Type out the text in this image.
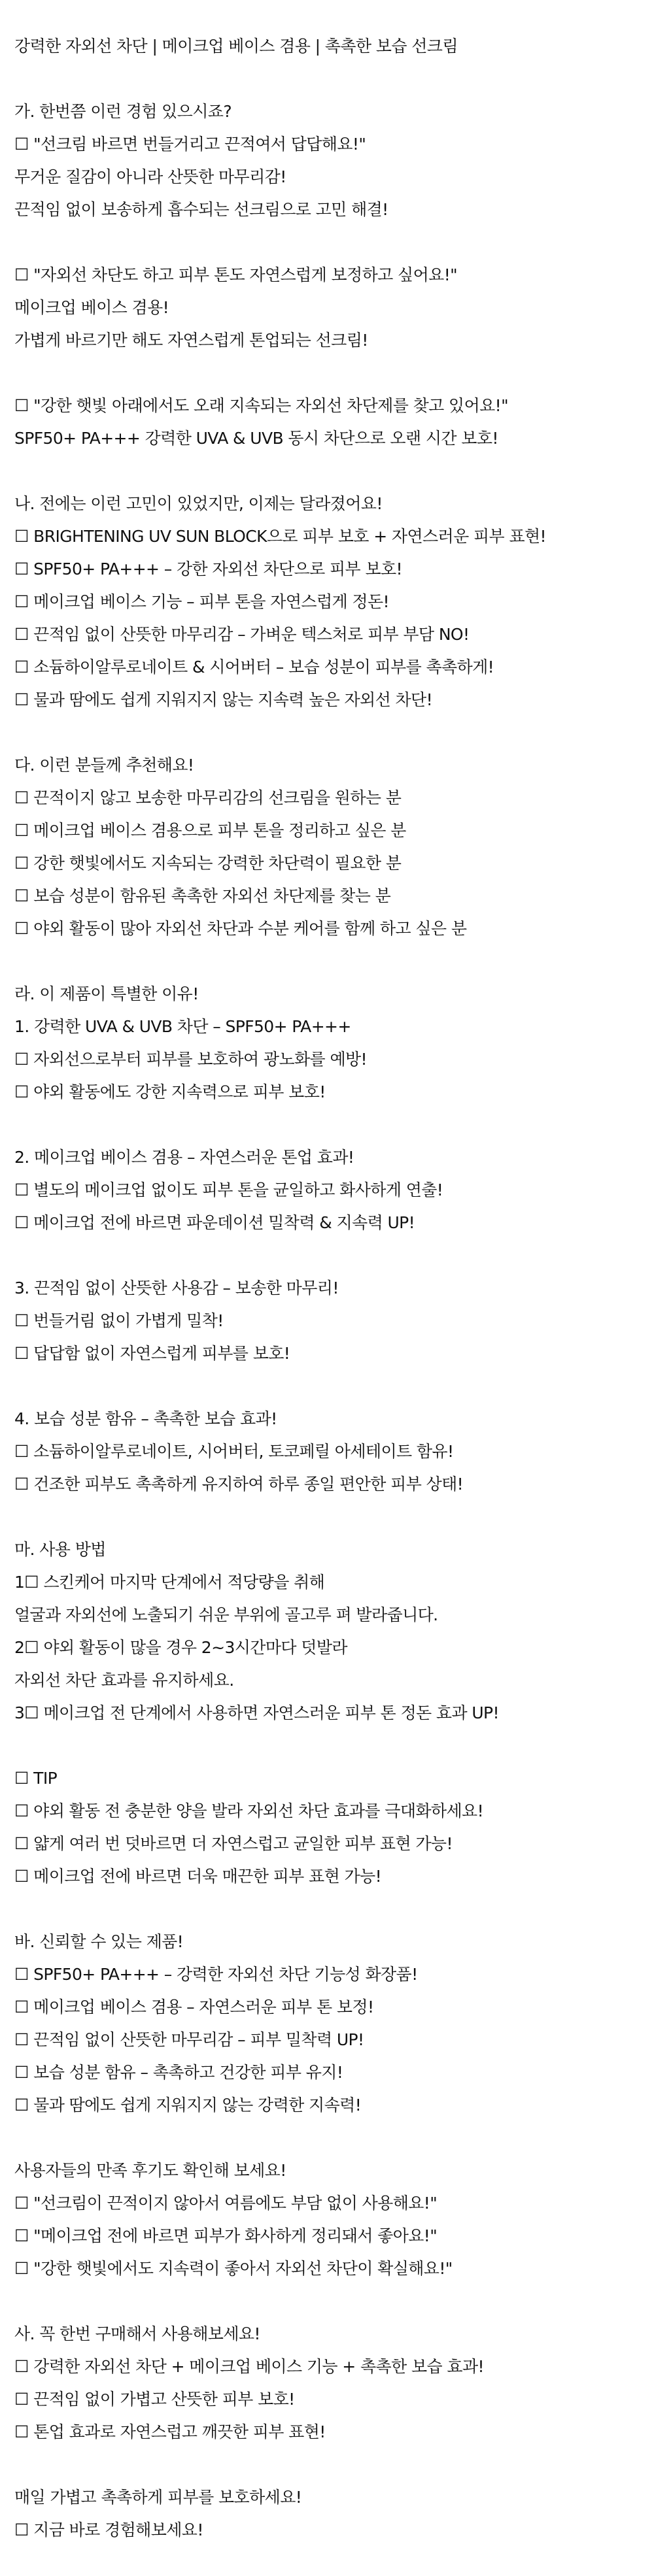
강력한 자외선 차단 | 메이크업 베이스 겸용 | 촉촉한 보습 선크림
가. 한번쯤 이런 경험 있으시죠?
☐ "선크림 바르면 번들거리고 끈적여서 답답해요!"
무거운 질감이 아니라 산뜻한 마무리감!
끈적임 없이 보송하게 흡수되는 선크림으로 고민 해결!
☐ "자외선 차단도 하고 피부 톤도 자연스럽게 보정하고 싶어요!"
메이크업 베이스 겸용!
가볍게 바르기만 해도 자연스럽게 톤업되는 선크림!
☐ "강한 햇빛 아래에서도 오래 지속되는 자외선 차단제를 찾고 있어요!"
SPF50+ PA+++ 강력한 UVA & UVB 동시 차단으로 오랜 시간 보호!
나. 전에는 이런 고민이 있었지만, 이제는 달라졌어요!
☐ BRIGHTENING UV SUN BLOCK으로 피부 보호 + 자연스러운 피부 표현!
☐ SPF50+ PA+++ – 강한 자외선 차단으로 피부 보호!
☐ 메이크업 베이스 기능 – 피부 톤을 자연스럽게 정돈!
☐ 끈적임 없이 산뜻한 마무리감 – 가벼운 텍스처로 피부 부담 NO!
☐ 소듐하이알루로네이트 & 시어버터 – 보습 성분이 피부를 촉촉하게!
☐ 물과 땀에도 쉽게 지워지지 않는 지속력 높은 자외선 차단!
다. 이런 분들께 추천해요!
☐ 끈적이지 않고 보송한 마무리감의 선크림을 원하는 분
☐ 메이크업 베이스 겸용으로 피부 톤을 정리하고 싶은 분
☐ 강한 햇빛에서도 지속되는 강력한 차단력이 필요한 분
☐ 보습 성분이 함유된 촉촉한 자외선 차단제를 찾는 분
☐ 야외 활동이 많아 자외선 차단과 수분 케어를 함께 하고 싶은 분
라. 이 제품이 특별한 이유!
1. 강력한 UVA & UVB 차단 – SPF50+ PA+++
☐ 자외선으로부터 피부를 보호하여 광노화를 예방!
☐ 야외 활동에도 강한 지속력으로 피부 보호!
2. 메이크업 베이스 겸용 – 자연스러운 톤업 효과!
☐ 별도의 메이크업 없이도 피부 톤을 균일하고 화사하게 연출!
☐ 메이크업 전에 바르면 파운데이션 밀착력 & 지속력 UP!
3. 끈적임 없이 산뜻한 사용감 – 보송한 마무리!
☐ 번들거림 없이 가볍게 밀착!
☐ 답답함 없이 자연스럽게 피부를 보호!
4. 보습 성분 함유 – 촉촉한 보습 효과!
☐ 소듐하이알루로네이트, 시어버터, 토코페릴 아세테이트 함유!
☐ 건조한 피부도 촉촉하게 유지하여 하루 종일 편안한 피부 상태!
마. 사용 방법
1☐ 스킨케어 마지막 단계에서 적당량을 취해
얼굴과 자외선에 노출되기 쉬운 부위에 골고루 펴 발라줍니다.
2☐ 야외 활동이 많을 경우 2~3시간마다 덧발라
자외선 차단 효과를 유지하세요.
3☐ 메이크업 전 단계에서 사용하면 자연스러운 피부 톤 정돈 효과 UP!
☐ TIP
☐ 야외 활동 전 충분한 양을 발라 자외선 차단 효과를 극대화하세요!
☐ 얇게 여러 번 덧바르면 더 자연스럽고 균일한 피부 표현 가능!
☐ 메이크업 전에 바르면 더욱 매끈한 피부 표현 가능!
바. 신뢰할 수 있는 제품!
☐ SPF50+ PA+++ – 강력한 자외선 차단 기능성 화장품!
☐ 메이크업 베이스 겸용 – 자연스러운 피부 톤 보정!
☐ 끈적임 없이 산뜻한 마무리감 – 피부 밀착력 UP!
☐ 보습 성분 함유 – 촉촉하고 건강한 피부 유지!
☐ 물과 땀에도 쉽게 지워지지 않는 강력한 지속력!
사용자들의 만족 후기도 확인해 보세요!
☐ "선크림이 끈적이지 않아서 여름에도 부담 없이 사용해요!"
☐ "메이크업 전에 바르면 피부가 화사하게 정리돼서 좋아요!"
☐ "강한 햇빛에서도 지속력이 좋아서 자외선 차단이 확실해요!"
사. 꼭 한번 구매해서 사용해보세요!
☐ 강력한 자외선 차단 + 메이크업 베이스 기능 + 촉촉한 보습 효과!
☐ 끈적임 없이 가볍고 산뜻한 피부 보호!
☐ 톤업 효과로 자연스럽고 깨끗한 피부 표현!
매일 가볍고 촉촉하게 피부를 보호하세요!
☐ 지금 바로 경험해보세요!
